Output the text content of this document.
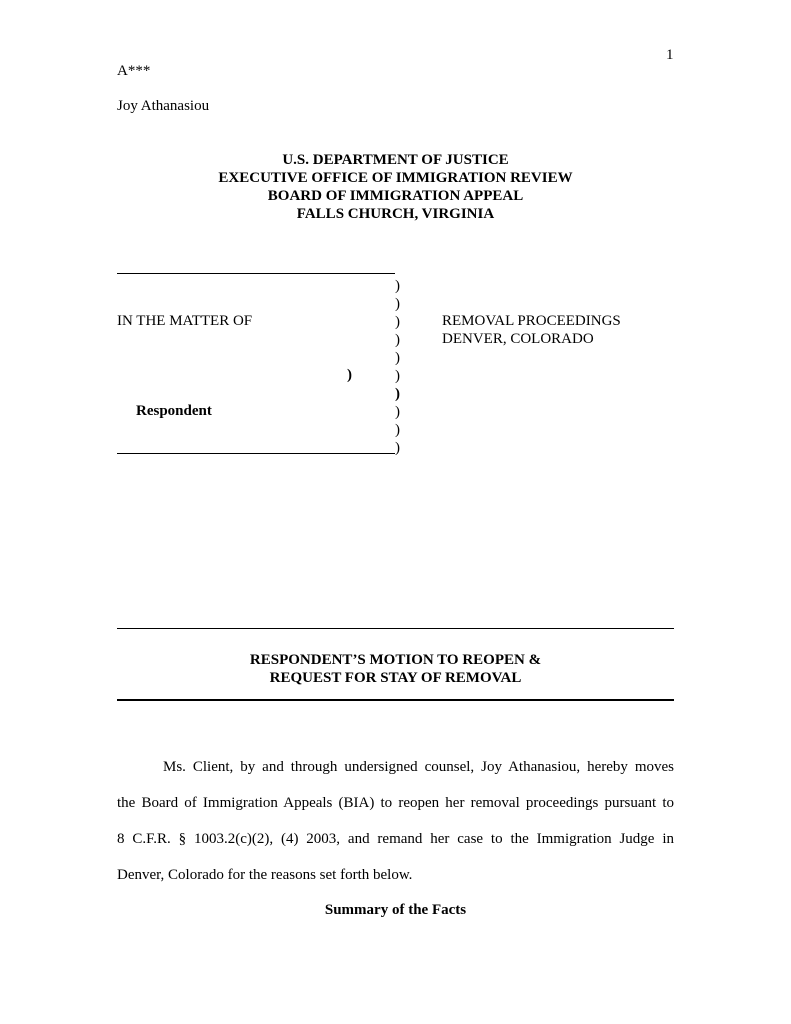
1
A***
Joy Athanasiou
U.S. DEPARTMENT OF JUSTICE
EXECUTIVE OFFICE OF IMMIGRATION REVIEW
BOARD OF IMMIGRATION APPEAL
FALLS CHURCH, VIRGINIA
)
)
)
)
)
)
)
)
)
)
)
IN THE MATTER OF
Respondent
REMOVAL PROCEEDINGS
DENVER, COLORADO
RESPONDENT’S MOTION TO REOPEN &
REQUEST FOR STAY OF REMOVAL
Ms. Client, by and through undersigned counsel, Joy Athanasiou, hereby moves
the Board of Immigration Appeals (BIA) to reopen her removal proceedings pursuant to
8 C.F.R. § 1003.2(c)(2), (4) 2003, and remand her case to the Immigration Judge in
Denver, Colorado for the reasons set forth below.
Summary of the Facts
